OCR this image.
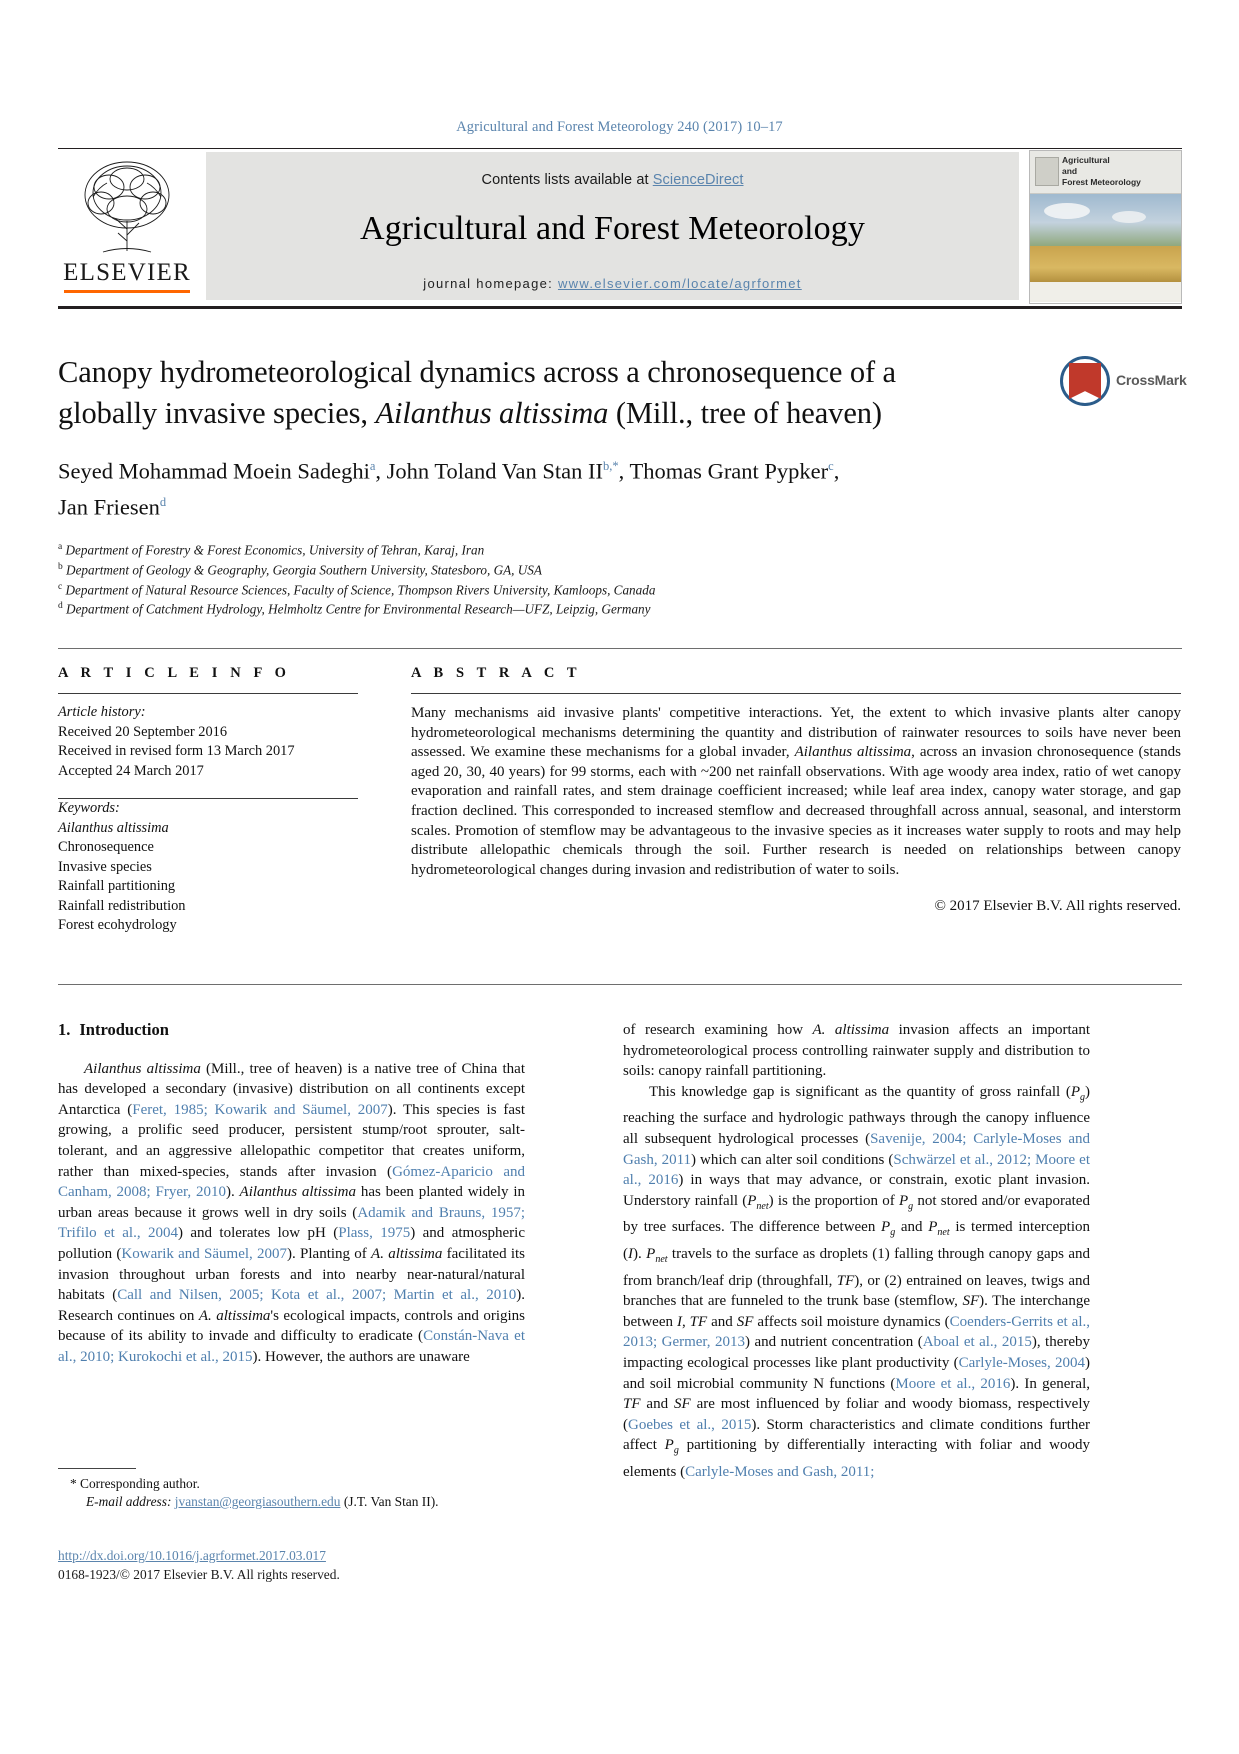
Agricultural and Forest Meteorology 240 (2017) 10–17
ELSEVIER
Contents lists available at ScienceDirect
Agricultural and Forest Meteorology
journal homepage: www.elsevier.com/locate/agrformet
Agricultural
and
Forest Meteorology
Canopy hydrometeorological dynamics across a chronosequence of a
globally invasive species, Ailanthus altissima (Mill., tree of heaven)
CrossMark
Seyed Mohammad Moein Sadeghi$^a$, John Toland Van Stan $II^{b,*}$, Thomas Grant Pypker$^c$,
Jan Friesen$^d$
$^a$ Department of Forestry & Forest Economics, University of Tehran, Karaj, Iran
$^b$ Department of Geology & Geography, Georgia Southern University, Statesboro, GA, USA
$^c$ Department of Natural Resource Sciences, Faculty of Science, Thompson Rivers University, Kamloops, Canada
$^d$ Department of Catchment Hydrology, Helmholtz Centre for Environmental Research—UFZ, Leipzig, Germany
A R T I C L E I N F O
Article history:
Received 20 September 2016
Received in revised form 13 March 2017
Accepted 24 March 2017
Keywords:
Ailanthus altissima
Chronosequence
Invasive species
Rainfall partitioning
Rainfall redistribution
Forest ecohydrology
A B S T R A C T
Many mechanisms aid invasive plants' competitive interactions. Yet, the extent to which invasive plants alter canopy hydrometeorological mechanisms determining the quantity and distribution of rainwater resources to soils have never been assessed. We examine these mechanisms for a global invader, Ailanthus altissima, across an invasion chronosequence (stands aged 20, 30, 40 years) for 99 storms, each with ~200 net rainfall observations. With age woody area index, ratio of wet canopy evaporation and rainfall rates, and stem drainage coefficient increased; while leaf area index, canopy water storage, and gap fraction declined. This corresponded to increased stemflow and decreased throughfall across annual, seasonal, and interstorm scales. Promotion of stemflow may be advantageous to the invasive species as it increases water supply to roots and may help distribute allelopathic chemicals through the soil. Further research is needed on relationships between canopy hydrometeorological changes during invasion and redistribution of water to soils.
© 2017 Elsevier B.V. All rights reserved.
1. Introduction

Ailanthus altissima (Mill., tree of heaven) is a native tree of China that has developed a secondary (invasive) distribution on all continents except Antarctica (Feret, 1985; Kowarik and Säumel, 2007). This species is fast growing, a prolific seed producer, persistent stump/root sprouter, salt-tolerant, and an aggressive allelopathic competitor that creates uniform, rather than mixed-species, stands after invasion (Gómez-Aparicio and Canham, 2008; Fryer, 2010). Ailanthus altissima has been planted widely in urban areas because it grows well in dry soils (Adamik and Brauns, 1957; Trifilo et al., 2004) and tolerates low pH (Plass, 1975) and atmospheric pollution (Kowarik and Säumel, 2007). Planting of A. altissima facilitated its invasion throughout urban forests and into nearby near-natural/natural habitats (Call and Nilsen, 2005; Kota et al., 2007; Martin et al., 2010). Research continues on A. altissima's ecological impacts, controls and origins because of its ability to invade and difficulty to eradicate (Constán-Nava et al., 2010; Kurokochi et al., 2015). However, the authors are unaware

of research examining how A. altissima invasion affects an important hydrometeorological process controlling rainwater supply and distribution to soils: canopy rainfall partitioning.

This knowledge gap is significant as the quantity of gross rainfall $(P_g)$ reaching the surface and hydrologic pathways through the canopy influence all subsequent hydrological processes (Savenije, 2004; Carlyle-Moses and Gash, 2011) which can alter soil conditions (Schwärzel et al., 2012; Moore et al., 2016) in ways that may advance, or constrain, exotic plant invasion. Understory rainfall $(P_{net})$ is the proportion of $P_g$ not stored and/or evaporated by tree surfaces. The difference between $P_g$ and $P_{net}$ is termed interception (I). $P_{net}$ travels to the surface as droplets (1) falling through canopy gaps and from branch/leaf drip (throughfall, TF), or (2) entrained on leaves, twigs and branches that are funneled to the trunk base (stemflow, SF). The interchange between I, TF and SF affects soil moisture dynamics (Coenders-Gerrits et al., 2013; Germer, 2013) and nutrient concentration (Aboal et al., 2015), thereby impacting ecological processes like plant productivity (Carlyle-Moses, 2004) and soil microbial community N functions (Moore et al., 2016). In general, TF and SF are most influenced by foliar and woody biomass, respectively (Goebes et al., 2015). Storm characteristics and climate conditions further affect $P_g$ partitioning by differentially interacting with foliar and woody elements (Carlyle-Moses and Gash, 2011;

* Corresponding author.
E-mail address: jvanstan@georgiasouthern.edu (J.T. Van Stan II).
http://dx.doi.org/10.1016/j.agrformet.2017.03.017
0168-1923/© 2017 Elsevier B.V. All rights reserved.
